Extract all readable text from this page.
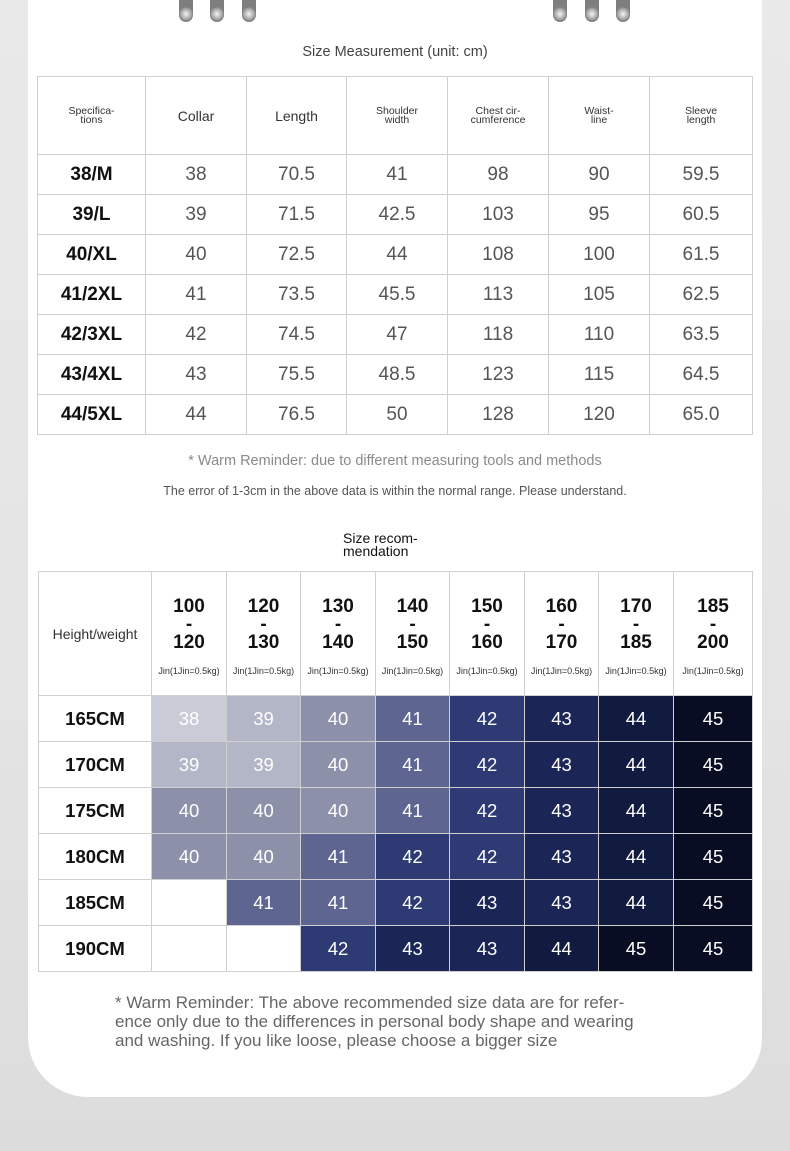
Size Measurement (unit: cm)
Specifica-
tions	Collar	Length	Shoulder
width	Chest cir-
cumference	Waist-
line	Sleeve
length
38/M	38	70.5	41	98	90	59.5
39/L	39	71.5	42.5	103	95	60.5
40/XL	40	72.5	44	108	100	61.5
41/2XL	41	73.5	45.5	113	105	62.5
42/3XL	42	74.5	47	118	110	63.5
43/4XL	43	75.5	48.5	123	115	64.5
44/5XL	44	76.5	50	128	120	65.0
* Warm Reminder: due to different measuring tools and methods
The error of 1-3cm in the above data is within the normal range. Please understand.
Size recom-
mendation
Height/weight	100
-
120
Jin(1Jin=0.5kg)	120
-
130
Jin(1Jin=0.5kg)	130
-
140
Jin(1Jin=0.5kg)	140
-
150
Jin(1Jin=0.5kg)	150
-
160
Jin(1Jin=0.5kg)	160
-
170
Jin(1Jin=0.5kg)	170
-
185
Jin(1Jin=0.5kg)	185
-
200
Jin(1Jin=0.5kg)

165CM	38	39	40	41	42	43	44	45
170CM	39	39	40	41	42	43	44	45
175CM	40	40	40	41	42	43	44	45
180CM	40	40	41	42	42	43	44	45
185CM		41	41	42	43	43	44	45
190CM			42	43	43	44	45	45
* Warm Reminder: The above recommended size data are for refer-
ence only due to the differences in personal body shape and wearing
and washing. If you like loose, please choose a bigger size
